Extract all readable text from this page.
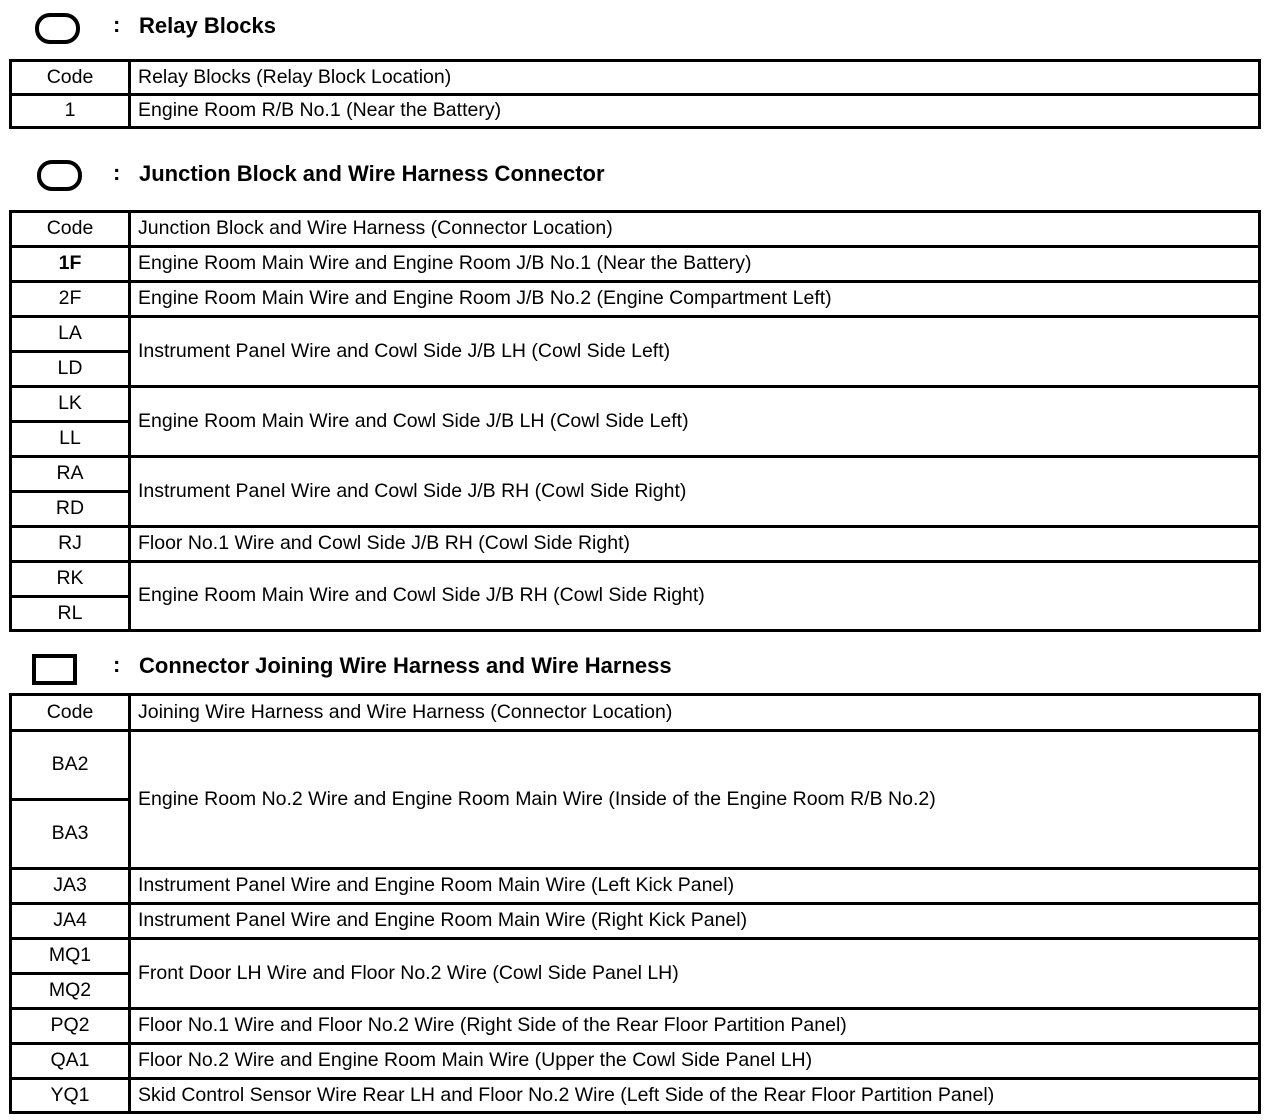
: Relay Blocks
Code	Relay Blocks (Relay Block Location)
1	Engine Room R/B No.1 (Near the Battery)
: Junction Block and Wire Harness Connector
Code	Junction Block and Wire Harness (Connector Location)
1F	Engine Room Main Wire and Engine Room J/B No.1 (Near the Battery)
2F	Engine Room Main Wire and Engine Room J/B No.2 (Engine Compartment Left)
LA	Instrument Panel Wire and Cowl Side J/B LH (Cowl Side Left)
LD	
LK	Engine Room Main Wire and Cowl Side J/B LH (Cowl Side Left)
LL	
RA	Instrument Panel Wire and Cowl Side J/B RH (Cowl Side Right)
RD	
RJ	Floor No.1 Wire and Cowl Side J/B RH (Cowl Side Right)
RK	Engine Room Main Wire and Cowl Side J/B RH (Cowl Side Right)
RL	
: Connector Joining Wire Harness and Wire Harness
Code	Joining Wire Harness and Wire Harness (Connector Location)
BA2	Engine Room No.2 Wire and Engine Room Main Wire (Inside of the Engine Room R/B No.2)
BA3	
JA3	Instrument Panel Wire and Engine Room Main Wire (Left Kick Panel)
JA4	Instrument Panel Wire and Engine Room Main Wire (Right Kick Panel)
MQ1	Front Door LH Wire and Floor No.2 Wire (Cowl Side Panel LH)
MQ2	
PQ2	Floor No.1 Wire and Floor No.2 Wire (Right Side of the Rear Floor Partition Panel)
QA1	Floor No.2 Wire and Engine Room Main Wire (Upper the Cowl Side Panel LH)
YQ1	Skid Control Sensor Wire Rear LH and Floor No.2 Wire (Left Side of the Rear Floor Partition Panel)
